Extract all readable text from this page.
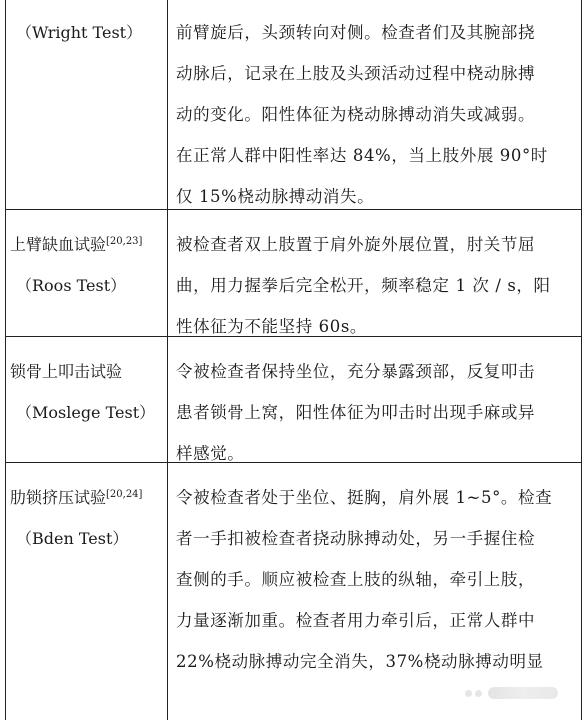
（Wright Test）	前臂旋后，头颈转向对侧。检查者们及其腕部挠
动脉后，记录在上肢及头颈活动过程中桡动脉搏
动的变化。阳性体征为桡动脉搏动消失或减弱。
在正常人群中阳性率达 84%，当上肢外展 90°时
仅 15%桡动脉搏动消失。
上臂缺血试验[20,23]
（Roos Test）
被检查者双上肢置于肩外旋外展位置，肘关节屈
曲，用力握拳后完全松开，频率稳定 1 次 / s，阳
性体征为不能坚持 60s。
锁骨上叩击试验
（Moslege Test）
令被检查者保持坐位，充分暴露颈部，反复叩击
患者锁骨上窝，阳性体征为叩击时出现手麻或异
样感觉。
肋锁挤压试验[20,24]
（Bden Test）
令被检查者处于坐位、挺胸，肩外展 1~5°。检查
者一手扣被检查者挠动脉搏动处，另一手握住检
查侧的手。顺应被检查上肢的纵轴，牵引上肢，
力量逐渐加重。检查者用力牵引后，正常人群中
22%桡动脉搏动完全消失，37%桡动脉搏动明显
